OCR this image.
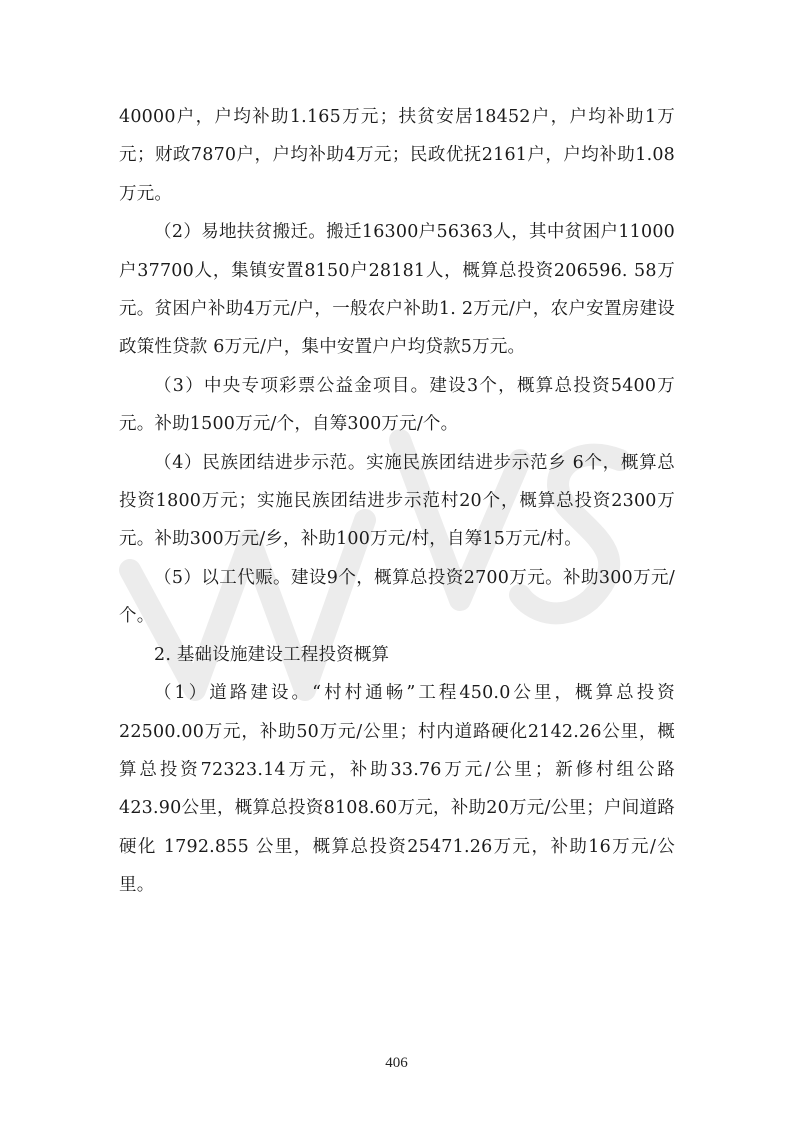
40000户，户均补助1.165万元；扶贫安居18452户，户均补助1万元；财政7870户，户均补助4万元；民政优抚2161户，户均补助1.08万元。

（2）易地扶贫搬迁。搬迁16300户56363人，其中贫困户11000户37700人，集镇安置8150户28181人，概算总投资206596. 58万元。贫困户补助4万元/户，一般农户补助1. 2万元/户，农户安置房建设政策性贷款 6万元/户，集中安置户户均贷款5万元。

（3）中央专项彩票公益金项目。建设3个，概算总投资5400万元。补助1500万元/个，自筹300万元/个。

（4）民族团结进步示范。实施民族团结进步示范乡 6个，概算总投资1800万元；实施民族团结进步示范村20个，概算总投资2300万元。补助300万元/乡，补助100万元/村，自筹15万元/村。

（5）以工代赈。建设9个，概算总投资2700万元。补助300万元/个。

2. 基础设施建设工程投资概算

（1）道路建设。“村村通畅”工程450.0公里，概算总投资22500.00万元，补助50万元/公里；村内道路硬化2142.26公里，概算总投资72323.14万元，补助33.76万元/公里；新修村组公路423.90公里，概算总投资8108.60万元，补助20万元/公里；户间道路硬化 1792.855 公里，概算总投资25471.26万元，补助16万元/公里。

406
